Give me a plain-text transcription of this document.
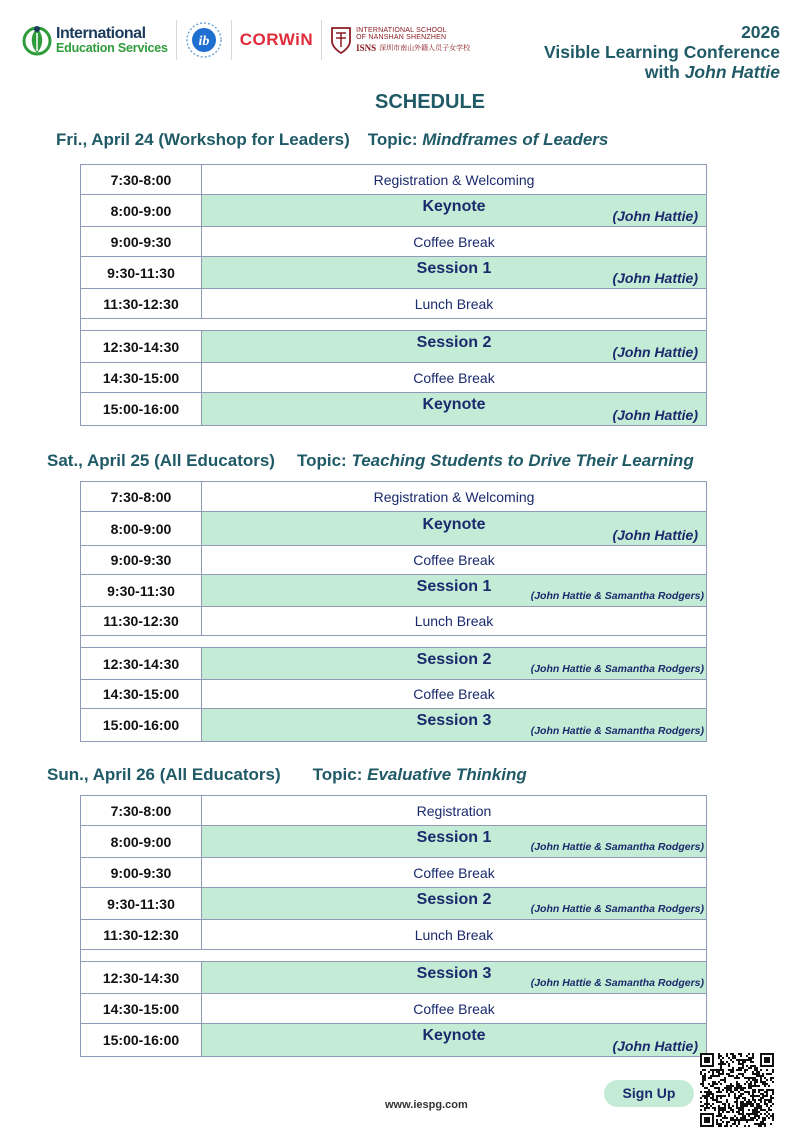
International
Education Services ib CORWiN	INTERNATIONAL SCHOOL
OF NANSHAN SHENZHEN
ISNS 深圳市南山外籍人员子女学校
2026
Visible Learning Conference
with John Hattie
SCHEDULE
Fri., April 24 (Workshop for Leaders) Topic: Mindframes of Leaders
Sat., April 25 (All Educators) Topic: Teaching Students to Drive Their Learning
Sun., April 26 (All Educators) Topic: Evaluative Thinking
7:30-8:00	Registration & Welcoming
8:00-9:00	Keynote
(John Hattie)

9:00-9:30	Coffee Break
9:30-11:30	Session 1
(John Hattie)

11:30-12:30	Lunch Break

12:30-14:30	Session 2
(John Hattie)

14:30-15:00	Coffee Break
15:00-16:00	Keynote
(John Hattie)
7:30-8:00	Registration & Welcoming
8:00-9:00	Keynote
(John Hattie)

9:00-9:30	Coffee Break
9:30-11:30	Session 1
(John Hattie & Samantha Rodgers)

11:30-12:30	Lunch Break

12:30-14:30	Session 2
(John Hattie & Samantha Rodgers)

14:30-15:00	Coffee Break
15:00-16:00	Session 3
(John Hattie & Samantha Rodgers)
7:30-8:00	Registration
8:00-9:00	Session 1
(John Hattie & Samantha Rodgers)

9:00-9:30	Coffee Break
9:30-11:30	Session 2
(John Hattie & Samantha Rodgers)

11:30-12:30	Lunch Break

12:30-14:30	Session 3
(John Hattie & Samantha Rodgers)

14:30-15:00	Coffee Break
15:00-16:00	Keynote
(John Hattie)
www.iespg.com
Sign Up
